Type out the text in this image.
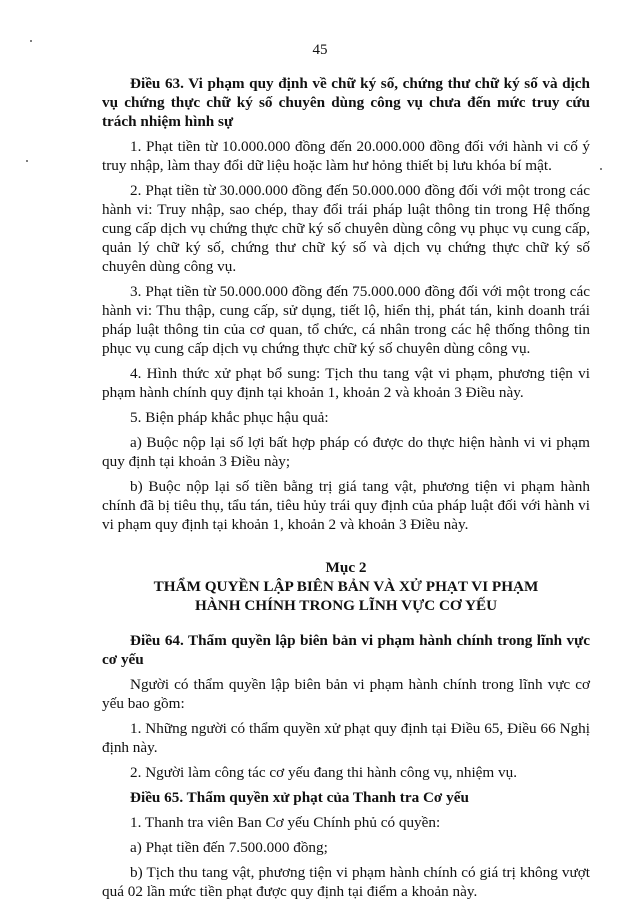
45

Điều 63. Vi phạm quy định về chữ ký số, chứng thư chữ ký số và dịch vụ chứng thực chữ ký số chuyên dùng công vụ chưa đến mức truy cứu trách nhiệm hình sự

1. Phạt tiền từ 10.000.000 đồng đến 20.000.000 đồng đối với hành vi cố ý truy nhập, làm thay đổi dữ liệu hoặc làm hư hỏng thiết bị lưu khóa bí mật.

2. Phạt tiền từ 30.000.000 đồng đến 50.000.000 đồng đối với một trong các hành vi: Truy nhập, sao chép, thay đổi trái pháp luật thông tin trong Hệ thống cung cấp dịch vụ chứng thực chữ ký số chuyên dùng công vụ phục vụ cung cấp, quản lý chữ ký số, chứng thư chữ ký số và dịch vụ chứng thực chữ ký số chuyên dùng công vụ.

3. Phạt tiền từ 50.000.000 đồng đến 75.000.000 đồng đối với một trong các hành vi: Thu thập, cung cấp, sử dụng, tiết lộ, hiển thị, phát tán, kinh doanh trái pháp luật thông tin của cơ quan, tổ chức, cá nhân trong các hệ thống thông tin phục vụ cung cấp dịch vụ chứng thực chữ ký số chuyên dùng công vụ.

4. Hình thức xử phạt bổ sung: Tịch thu tang vật vi phạm, phương tiện vi phạm hành chính quy định tại khoản 1, khoản 2 và khoản 3 Điều này.

5. Biện pháp khắc phục hậu quả:

a) Buộc nộp lại số lợi bất hợp pháp có được do thực hiện hành vi vi phạm quy định tại khoản 3 Điều này;

b) Buộc nộp lại số tiền bằng trị giá tang vật, phương tiện vi phạm hành chính đã bị tiêu thụ, tẩu tán, tiêu hủy trái quy định của pháp luật đối với hành vi vi phạm quy định tại khoản 1, khoản 2 và khoản 3 Điều này.

Mục 2
THẨM QUYỀN LẬP BIÊN BẢN VÀ XỬ PHẠT VI PHẠM
HÀNH CHÍNH TRONG LĨNH VỰC CƠ YẾU

Điều 64. Thẩm quyền lập biên bản vi phạm hành chính trong lĩnh vực cơ yếu

Người có thẩm quyền lập biên bản vi phạm hành chính trong lĩnh vực cơ yếu bao gồm:

1. Những người có thẩm quyền xử phạt quy định tại Điều 65, Điều 66 Nghị định này.

2. Người làm công tác cơ yếu đang thi hành công vụ, nhiệm vụ.

Điều 65. Thẩm quyền xử phạt của Thanh tra Cơ yếu

1. Thanh tra viên Ban Cơ yếu Chính phủ có quyền:

a) Phạt tiền đến 7.500.000 đồng;

b) Tịch thu tang vật, phương tiện vi phạm hành chính có giá trị không vượt quá 02 lần mức tiền phạt được quy định tại điểm a khoản này.
